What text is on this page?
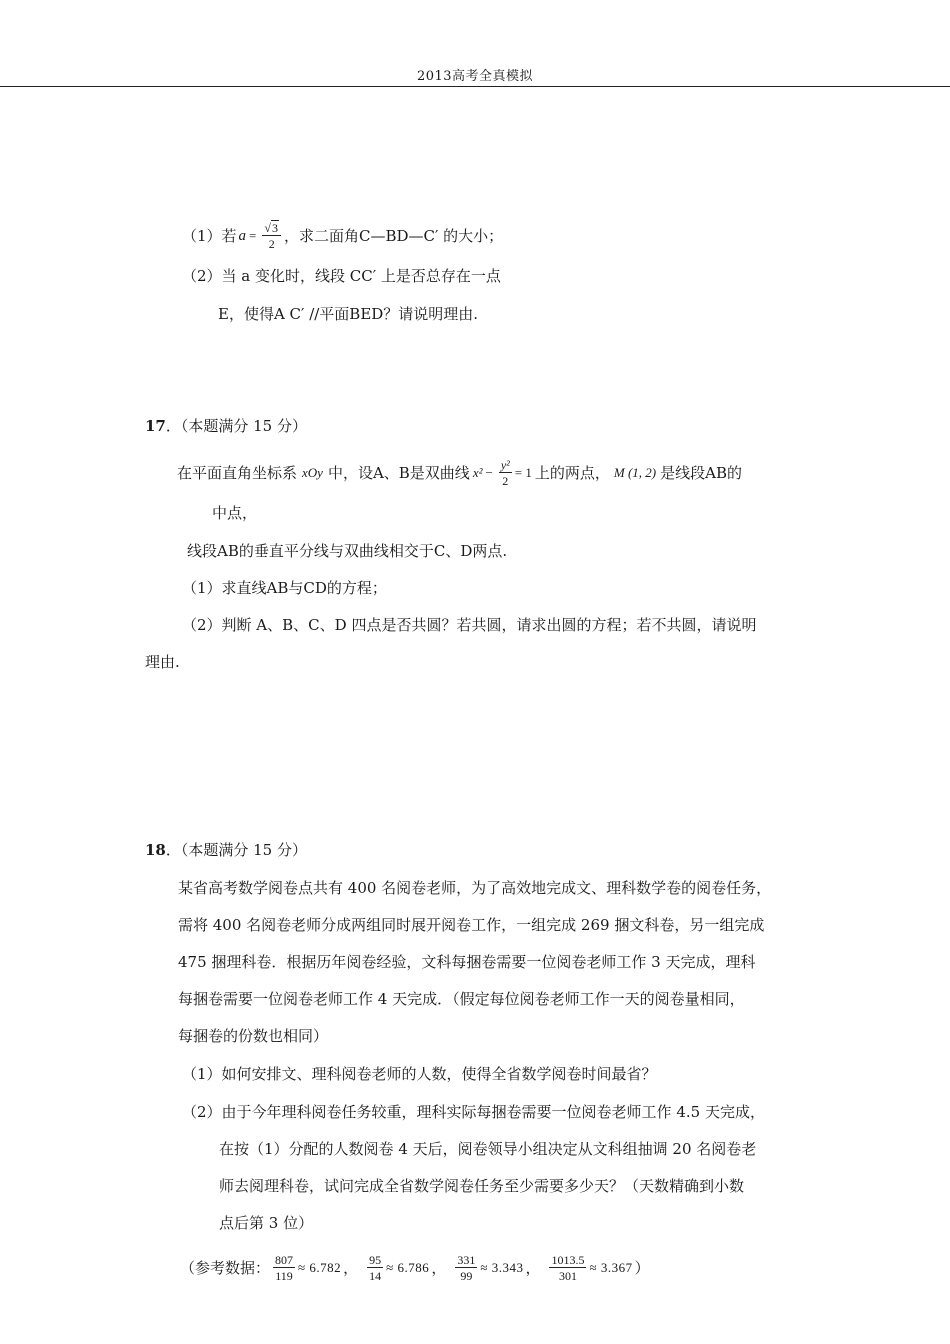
2013高考全真模拟
（1）若 $a = \frac{√3}{2}$ ，求二面角C—BD—C′ 的大小；
（2）当 a 变化时，线段 CC′ 上是否总存在一点
E，使得A C′ //平面BED？请说明理由.
17 ．（本题满分 15 分）
在平面直角坐标系 xOy 中，设A、B是双曲线 $x^2 - \frac{\text{y²}}{2} = 1$ 上的两点， M (1, 2) 是线段AB的
中点，
线段AB的垂直平分线与双曲线相交于C、D两点.
（1）求直线AB与CD的方程；
（2）判断 A、B、C、D 四点是否共圆？若共圆，请求出圆的方程；若不共圆，请说明
理由.
18 ．（本题满分 15 分）
某省高考数学阅卷点共有 400 名阅卷老师，为了高效地完成文、理科数学卷的阅卷任务，
需将 400 名阅卷老师分成两组同时展开阅卷工作，一组完成 269 捆文科卷，另一组完成
475 捆理科卷．根据历年阅卷经验，文科每捆卷需要一位阅卷老师工作 3 天完成，理科
每捆卷需要一位阅卷老师工作 4 天完成．（假定每位阅卷老师工作一天的阅卷量相同，
每捆卷的份数也相同）
（1）如何安排文、理科阅卷老师的人数，使得全省数学阅卷时间最省？
（2）由于今年理科阅卷任务较重，理科实际每捆卷需要一位阅卷老师工作 4.5 天完成，
在按（1）分配的人数阅卷 4 天后，阅卷领导小组决定从文科组抽调 20 名阅卷老
师去阅理科卷，试问完成全省数学阅卷任务至少需要多少天？（天数精确到小数
点后第 3 位）
（参考数据： $\frac{807}{119} \approx 6.782$ ， $\frac{95}{14} \approx 6.786$ ， $\frac{331}{99} \approx 3.343$ ， $\frac{1013.5}{301} \approx 3.367$ ）
